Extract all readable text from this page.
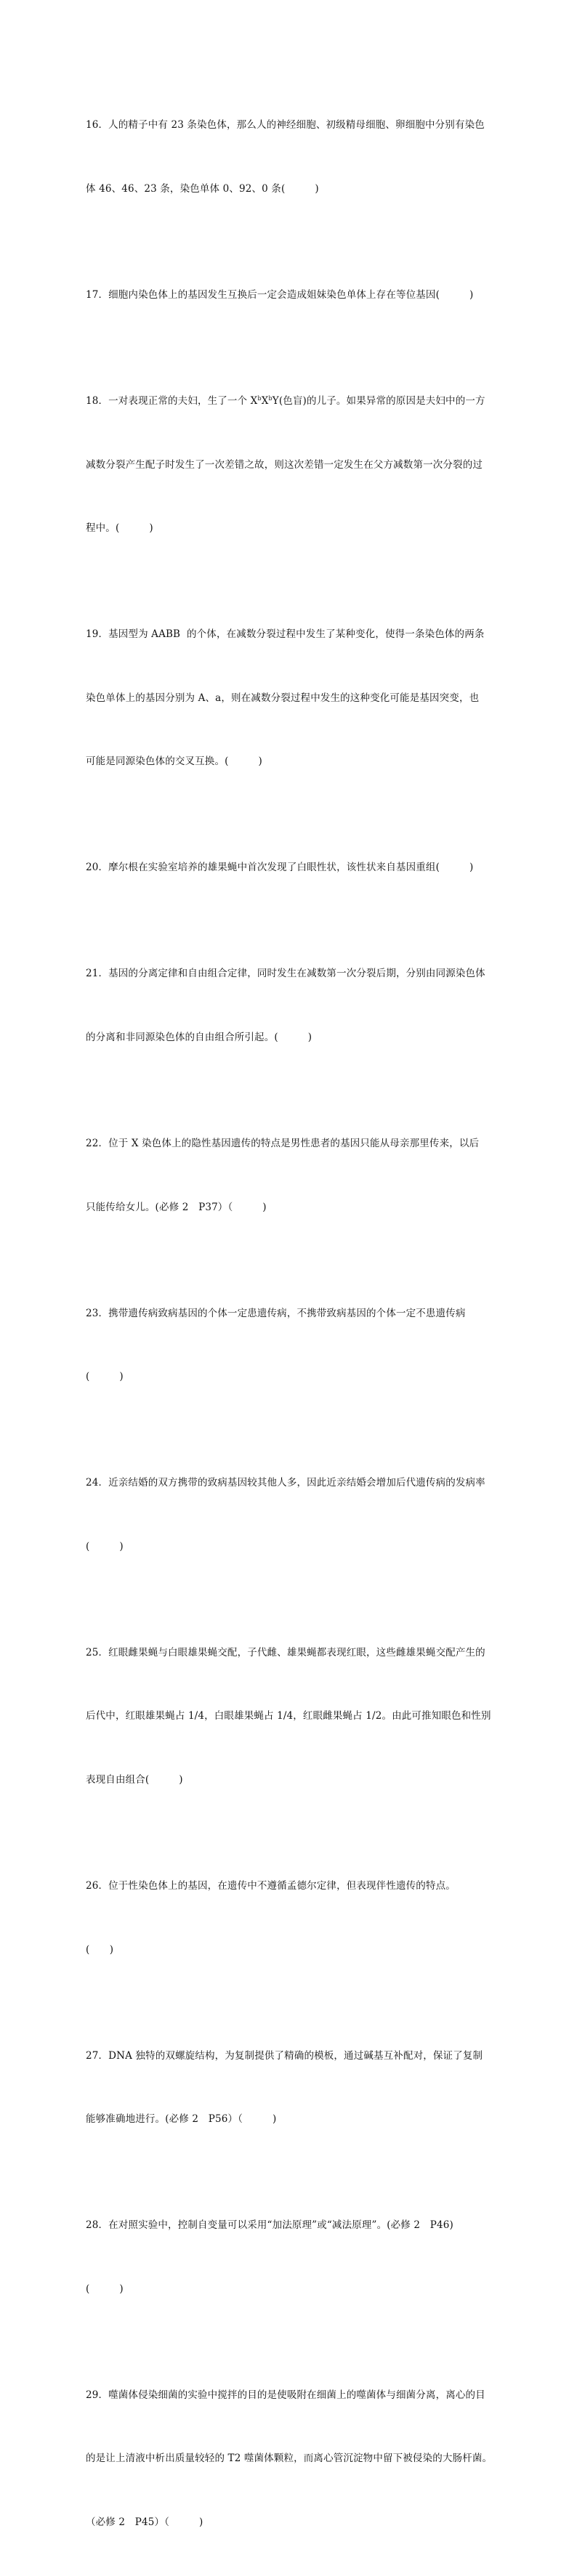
16．人的精子中有 23 条染色体，那么人的神经细胞、初级精母细胞、卵细胞中分别有染色

体 46、46、23 条，染色单体 0、92、0 条(　　　)

17．细胞内染色体上的基因发生互换后一定会造成姐妹染色单体上存在等位基因(　　　)

18．一对表现正常的夫妇，生了一个 $X^bX^bY$(色盲)的儿子。如果异常的原因是夫妇中的一方

减数分裂产生配子时发生了一次差错之故，则这次差错一定发生在父方减数第一次分裂的过

程中。(　　　)

19．基因型为 AABB  的个体，在减数分裂过程中发生了某种变化，使得一条染色体的两条

染色单体上的基因分别为 A、a，则在减数分裂过程中发生的这种变化可能是基因突变，也

可能是同源染色体的交叉互换。(　　　)

20．摩尔根在实验室培养的雄果蝇中首次发现了白眼性状，该性状来自基因重组(　　　)

21．基因的分离定律和自由组合定律，同时发生在减数第一次分裂后期，分别由同源染色体

的分离和非同源染色体的自由组合所引起。(　　　)

22．位于 X 染色体上的隐性基因遗传的特点是男性患者的基因只能从母亲那里传来，以后

只能传给女儿。(必修 2　P37）（　　　)

23．携带遗传病致病基因的个体一定患遗传病，不携带致病基因的个体一定不患遗传病

(　　　)

24．近亲结婚的双方携带的致病基因较其他人多，因此近亲结婚会增加后代遗传病的发病率

(　　　)

25．红眼雌果蝇与白眼雄果蝇交配，子代雌、雄果蝇都表现红眼，这些雌雄果蝇交配产生的

后代中，红眼雄果蝇占 1/4，白眼雄果蝇占 1/4，红眼雌果蝇占 1/2。由此可推知眼色和性别

表现自由组合(　　　)

26．位于性染色体上的基因，在遗传中不遵循孟德尔定律，但表现伴性遗传的特点。

(　　)

27．DNA 独特的双螺旋结构，为复制提供了精确的模板，通过碱基互补配对，保证了复制

能够准确地进行。(必修 2　P56）（　　　)

28．在对照实验中，控制自变量可以采用“加法原理”或“减法原理”。(必修 2　P46)

(　　　)

29．噬菌体侵染细菌的实验中搅拌的目的是使吸附在细菌上的噬菌体与细菌分离，离心的目

的是让上清液中析出质量较轻的 T2 噬菌体颗粒，而离心管沉淀物中留下被侵染的大肠杆菌。

（必修 2　P45）（　　　)
